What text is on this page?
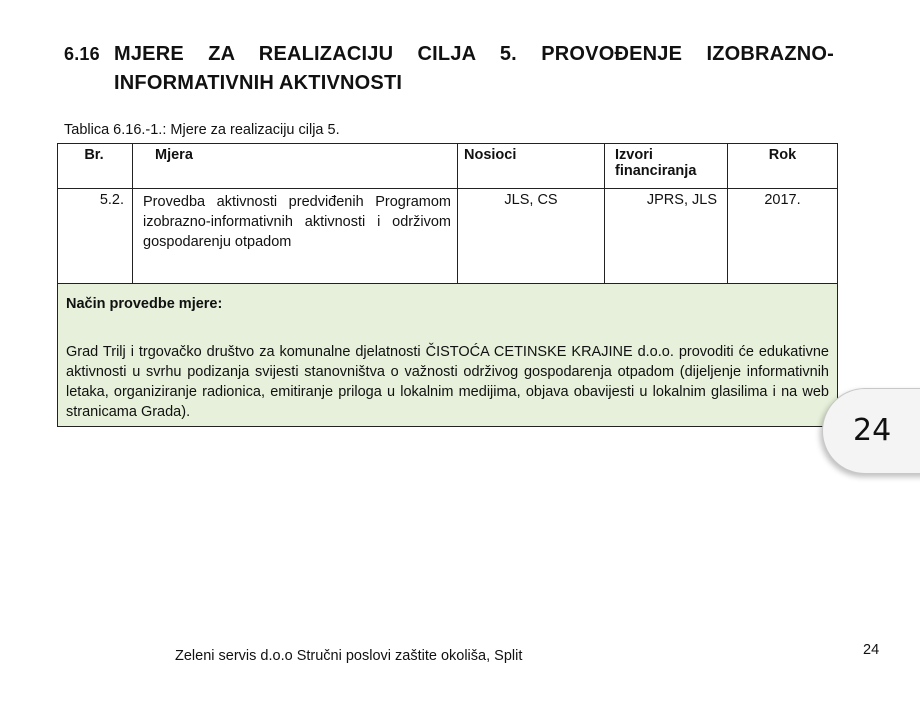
6.16 MJERE ZA REALIZACIJU CILJA 5. PROVOĐENJE IZOBRAZNO-
INFORMATIVNIH AKTIVNOSTI
Tablica 6.16.-1.: Mjere za realizaciju cilja 5.
Br.	Mjera	Nosioci	Izvori financiranja	Rok
5.2.	Provedba aktivnosti predviđenih Programom izobrazno-informativnih aktivnosti i održivom gospodarenju otpadom	JLS, CS	JPRS, JLS	2017.

Način provedbe mjere:
Grad Trilj i trgovačko društvo za komunalne djelatnosti ČISTOĆA CETINSKE KRAJINE d.o.o. provoditi će edukativne aktivnosti u svrhu podizanja svijesti stanovništva o važnosti održivog gospodarenja otpadom (dijeljenje informativnih letaka, organiziranje radionica, emitiranje priloga u lokalnim medijima, objava obavijesti u lokalnim glasilima i na web stranicama Grada).				
24
Zeleni servis d.o.o Stručni poslovi zaštite okoliša, Split	24
